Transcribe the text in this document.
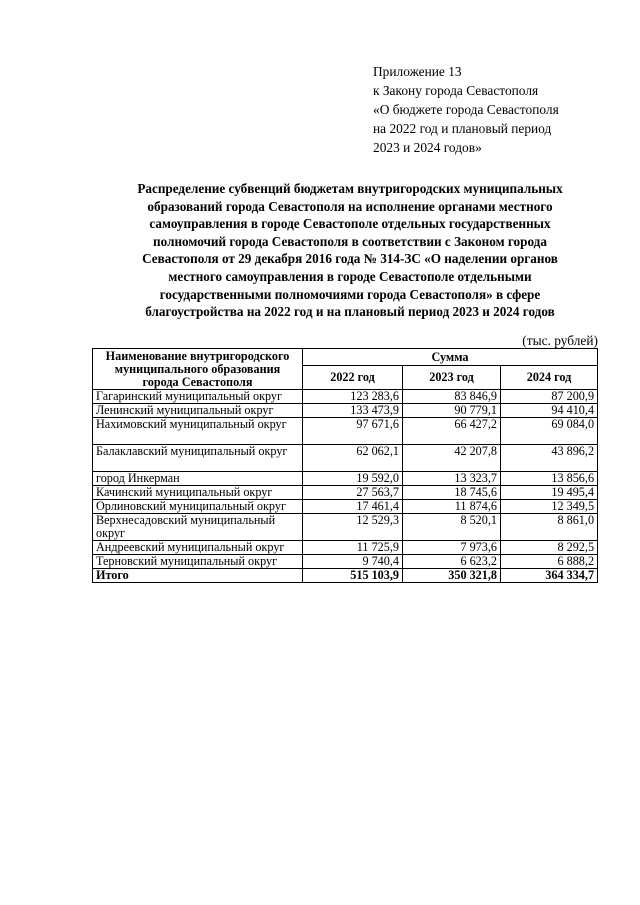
Приложение 13
к Закону города Севастополя
«О бюджете города Севастополя
на 2022 год и плановый период
2023 и 2024 годов»
Распределение субвенций бюджетам внутригородских муниципальных
образований города Севастополя на исполнение органами местного
самоуправления в городе Севастополе отдельных государственных
полномочий города Севастополя в соответствии с Законом города
Севастополя от 29 декабря 2016 года № 314-ЗС «О наделении органов
местного самоуправления в городе Севастополе отдельными
государственными полномочиями города Севастополя» в сфере
благоустройства на 2022 год и на плановый период 2023 и 2024 годов
(тыс. рублей)
Наименование внутригородского муниципального образования города Севастополя	Сумма		
	2022 год	2023 год	2024 год
Гагаринский муниципальный округ	123 283,6	83 846,9	87 200,9
Ленинский муниципальный округ	133 473,9	90 779,1	94 410,4
Нахимовский муниципальный округ	97 671,6	66 427,2	69 084,0
Балаклавский муниципальный округ	62 062,1	42 207,8	43 896,2
город Инкерман	19 592,0	13 323,7	13 856,6
Качинский муниципальный округ	27 563,7	18 745,6	19 495,4
Орлиновский муниципальный округ	17 461,4	11 874,6	12 349,5
Верхнесадовский муниципальный округ	12 529,3	8 520,1	8 861,0
Андреевский муниципальный округ	11 725,9	7 973,6	8 292,5
Терновский муниципальный округ	9 740,4	6 623,2	6 888,2
Итого	515 103,9	350 321,8	364 334,7
